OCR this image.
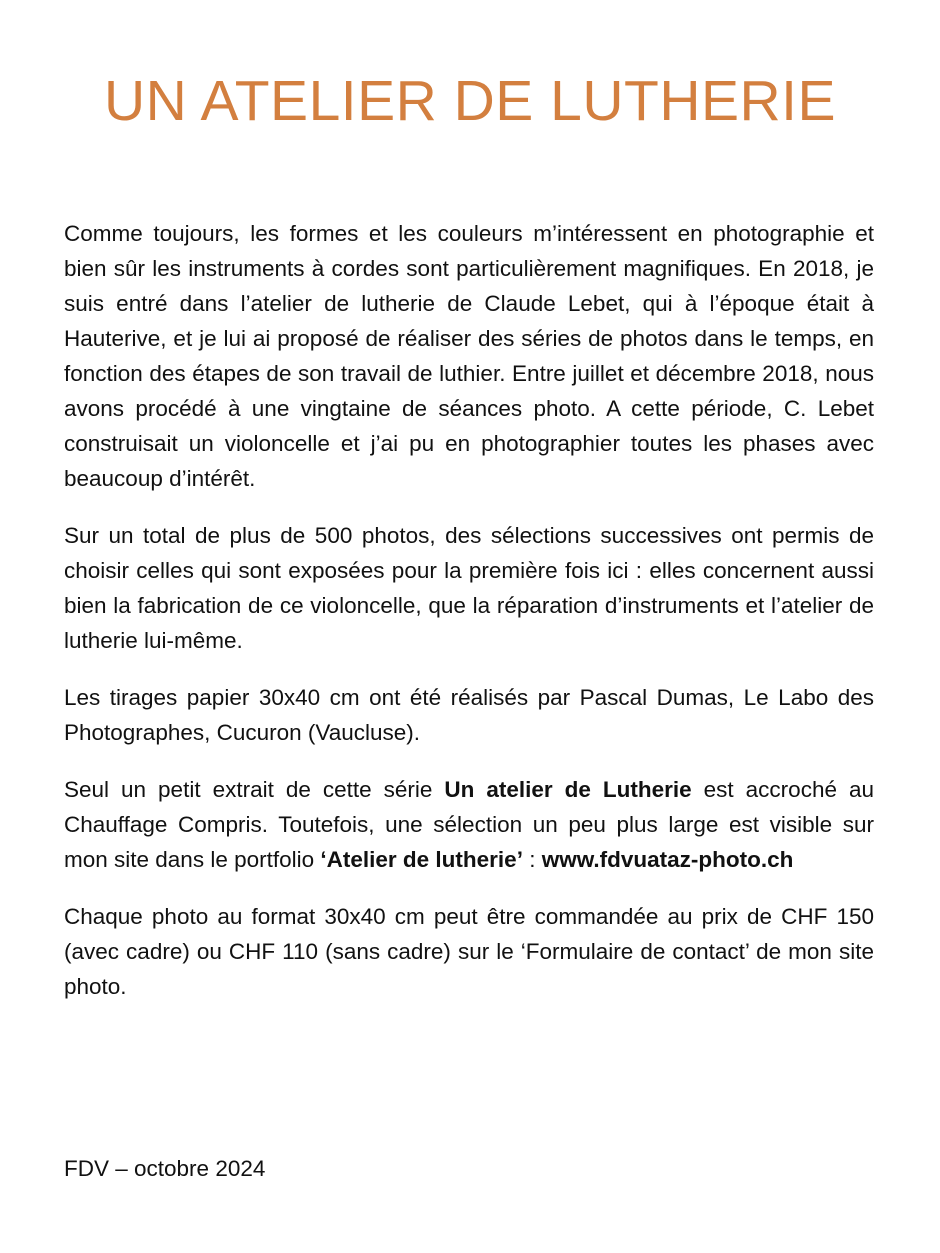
UN ATELIER DE LUTHERIE

Comme toujours, les formes et les couleurs m’intéressent en photographie et bien sûr les instruments à cordes sont particulièrement magnifiques. En 2018, je suis entré dans l’atelier de lutherie de Claude Lebet, qui à l’époque était à Hauterive, et je lui ai proposé de réaliser des séries de photos dans le temps, en fonction des étapes de son travail de luthier. Entre juillet et décembre 2018, nous avons procédé à une vingtaine de séances photo. A cette période, C. Lebet construisait un violoncelle et j’ai pu en photographier toutes les phases avec beaucoup d’intérêt.

Sur un total de plus de 500 photos, des sélections successives ont permis de choisir celles qui sont exposées pour la première fois ici : elles concernent aussi bien la fabrication de ce violoncelle, que la réparation d’instruments et l’atelier de lutherie lui-même.

Les tirages papier 30x40 cm ont été réalisés par Pascal Dumas, Le Labo des Photographes, Cucuron (Vaucluse).

Seul un petit extrait de cette série Un atelier de Lutherie est accroché au Chauffage Compris. Toutefois, une sélection un peu plus large est visible sur mon site dans le portfolio ‘Atelier de lutherie’ : www.fdvuataz-photo.ch

Chaque photo au format 30x40 cm peut être commandée au prix de CHF 150 (avec cadre) ou CHF 110 (sans cadre) sur le ‘Formulaire de contact’ de mon site photo.

FDV – octobre 2024
